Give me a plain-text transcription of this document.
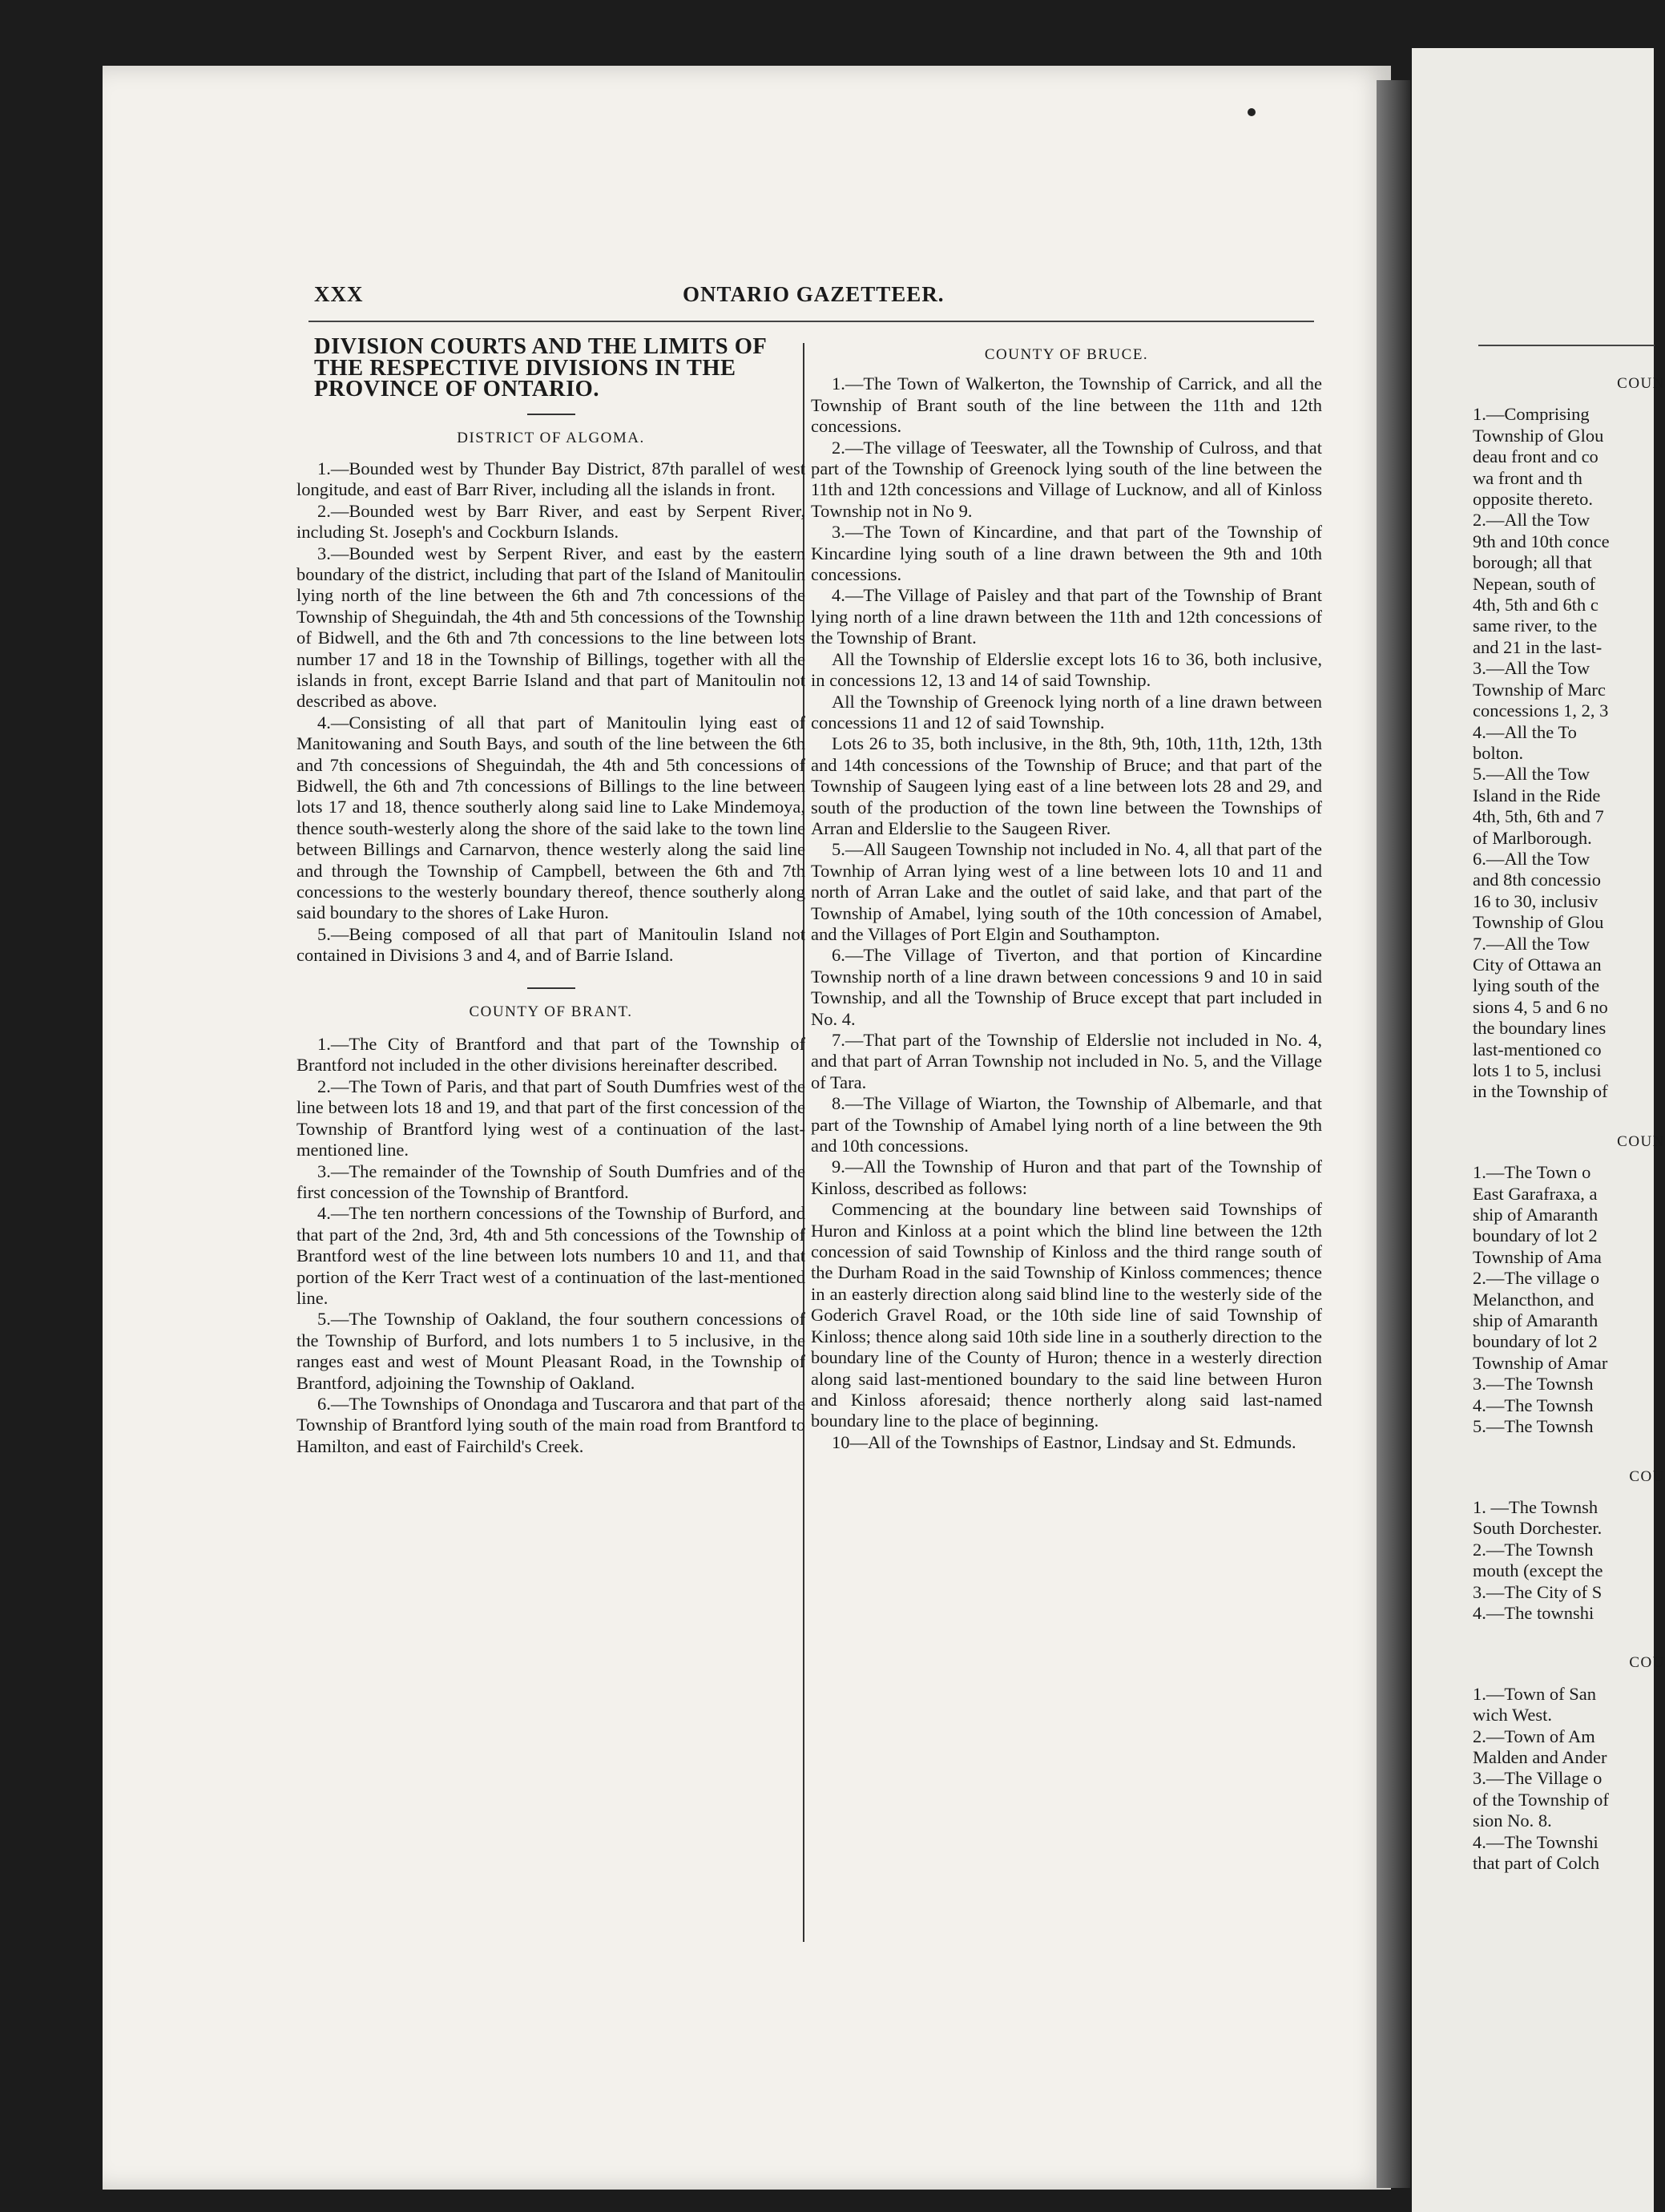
XXX	ONTARIO GAZETTEER.
DIVISION COURTS AND THE LIMITS OF THE RESPECTIVE DIVISIONS IN THE PROVINCE OF ONTARIO.
DISTRICT OF ALGOMA.

1.—Bounded west by Thunder Bay District, 87th parallel of west longitude, and east of Barr River, including all the islands in front.

2.—Bounded west by Barr River, and east by Serpent River, including St. Joseph's and Cockburn Islands.

3.—Bounded west by Serpent River, and east by the eastern boundary of the district, including that part of the Island of Manitoulin lying north of the line between the 6th and 7th concessions of the Township of Sheguindah, the 4th and 5th concessions of the Township of Bidwell, and the 6th and 7th concessions to the line between lots number 17 and 18 in the Township of Billings, together with all the islands in front, except Barrie Island and that part of Manitoulin not described as above.

4.—Consisting of all that part of Manitoulin lying east of Manitowaning and South Bays, and south of the line between the 6th and 7th concessions of Sheguindah, the 4th and 5th concessions of Bidwell, the 6th and 7th concessions of Billings to the line between lots 17 and 18, thence southerly along said line to Lake Mindemoya, thence south-westerly along the shore of the said lake to the town line between Billings and Carnarvon, thence westerly along the said line and through the Township of Campbell, between the 6th and 7th concessions to the westerly boundary thereof, thence southerly along said boundary to the shores of Lake Huron.

5.—Being composed of all that part of Manitoulin Island not contained in Divisions 3 and 4, and of Barrie Island.

COUNTY OF BRANT.

1.—The City of Brantford and that part of the Township of Brantford not included in the other divisions hereinafter described.

2.—The Town of Paris, and that part of South Dumfries west of the line between lots 18 and 19, and that part of the first concession of the Township of Brantford lying west of a continuation of the last-mentioned line.

3.—The remainder of the Township of South Dumfries and of the first concession of the Township of Brantford.

4.—The ten northern concessions of the Township of Burford, and that part of the 2nd, 3rd, 4th and 5th concessions of the Township of Brantford west of the line between lots numbers 10 and 11, and that portion of the Kerr Tract west of a continuation of the last-mentioned line.

5.—The Township of Oakland, the four southern concessions of the Township of Burford, and lots numbers 1 to 5 inclusive, in the ranges east and west of Mount Pleasant Road, in the Township of Brantford, adjoining the Township of Oakland.

6.—The Townships of Onondaga and Tuscarora and that part of the Township of Brantford lying south of the main road from Brantford to Hamilton, and east of Fairchild's Creek.

COUNTY OF BRUCE.

1.—The Town of Walkerton, the Township of Carrick, and all the Township of Brant south of the line between the 11th and 12th concessions.

2.—The village of Teeswater, all the Township of Culross, and that part of the Township of Greenock lying south of the line between the 11th and 12th concessions and Village of Lucknow, and all of Kinloss Township not in No 9.

3.—The Town of Kincardine, and that part of the Township of Kincardine lying south of a line drawn between the 9th and 10th concessions.

4.—The Village of Paisley and that part of the Township of Brant lying north of a line drawn between the 11th and 12th concessions of the Township of Brant.

All the Township of Elderslie except lots 16 to 36, both inclusive, in concessions 12, 13 and 14 of said Township.

All the Township of Greenock lying north of a line drawn between concessions 11 and 12 of said Township.

Lots 26 to 35, both inclusive, in the 8th, 9th, 10th, 11th, 12th, 13th and 14th concessions of the Township of Bruce; and that part of the Township of Saugeen lying east of a line between lots 28 and 29, and south of the production of the town line between the Townships of Arran and Elderslie to the Saugeen River.

5.—All Saugeen Township not included in No. 4, all that part of the Townhip of Arran lying west of a line between lots 10 and 11 and north of Arran Lake and the outlet of said lake, and that part of the Township of Amabel, lying south of the 10th concession of Amabel, and the Villages of Port Elgin and Southampton.

6.—The Village of Tiverton, and that portion of Kincardine Township north of a line drawn between concessions 9 and 10 in said Township, and all the Township of Bruce except that part included in No. 4.

7.—That part of the Township of Elderslie not included in No. 4, and that part of Arran Township not included in No. 5, and the Village of Tara.

8.—The Village of Wiarton, the Township of Albemarle, and that part of the Township of Amabel lying north of a line between the 9th and 10th concessions.

9.—All the Township of Huron and that part of the Township of Kinloss, described as follows:

Commencing at the boundary line between said Townships of Huron and Kinloss at a point which the blind line between the 12th concession of said Township of Kinloss and the third range south of the Durham Road in the said Township of Kinloss commences; thence in an easterly direction along said blind line to the westerly side of the Goderich Gravel Road, or the 10th side line of said Township of Kinloss; thence along said 10th side line in a southerly direction to the boundary line of the County of Huron; thence in a westerly direction along said last-mentioned boundary to the said line between Huron and Kinloss aforesaid; thence northerly along said last-named boundary line to the place of beginning.

10—All of the Townships of Eastnor, Lindsay and St. Edmunds.

COUN
1.—Comprising
Township of Glou
deau front and co
wa front and th
opposite thereto.
2.—All the Tow
9th and 10th conce
borough; all that
Nepean, south of
4th, 5th and 6th c
same river, to the
and 21 in the last-
3.—All the Tow
Township of Marc
concessions 1, 2, 3
4.—All the To
bolton.
5.—All the Tow
Island in the Ride
4th, 5th, 6th and 7
of Marlborough.
6.—All the Tow
and 8th concessio
16 to 30, inclusiv
Township of Glou
7.—All the Tow
City of Ottawa an
lying south of the
sions 4, 5 and 6 no
the boundary lines
last-mentioned co
lots 1 to 5, inclusi
in the Township of
COUN
1.—The Town o
East Garafraxa, a
ship of Amaranth
boundary of lot 2
Township of Ama
2.—The village o
Melancthon, and
ship of Amaranth
boundary of lot 2
Township of Amar
3.—The Townsh
4.—The Townsh
5.—The Townsh
COU
1. —The Townsh
South Dorchester.
2.—The Townsh
mouth (except the
3.—The City of S
4.—The townshi
COU
1.—Town of San
wich West.
2.—Town of Am
Malden and Ander
3.—The Village o
of the Township of
sion No. 8.
4.—The Townshi
that part of Colch
